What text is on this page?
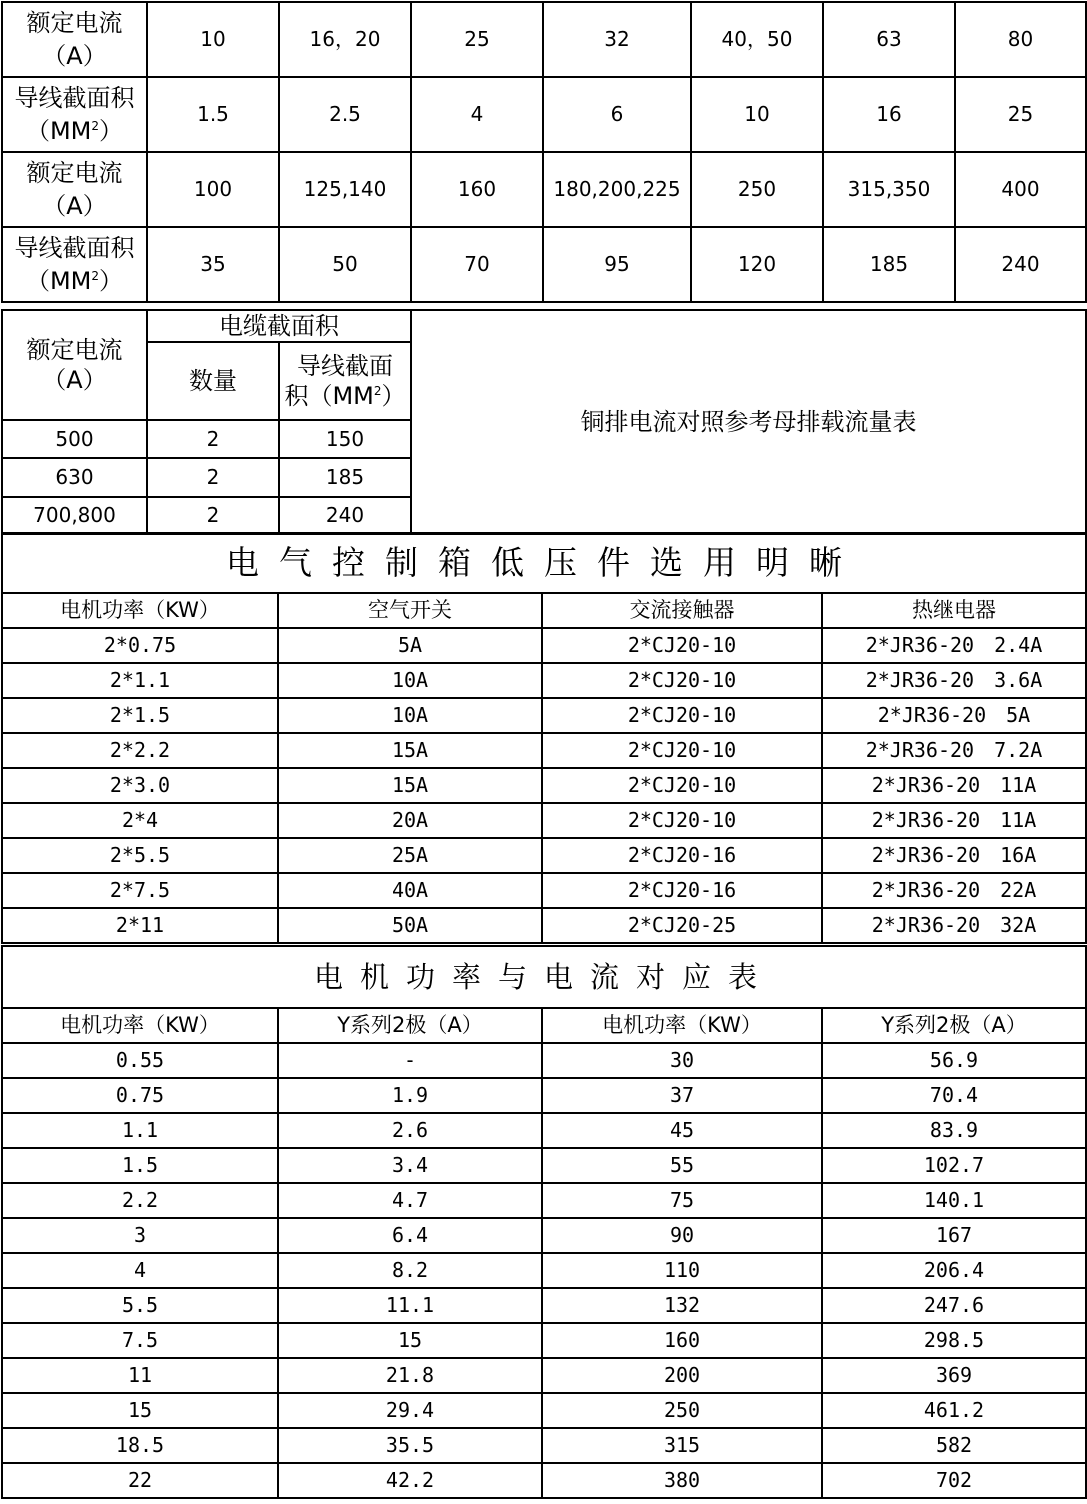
额定电流
（A）	10	16，20	25	32	40，50	63	80

导线截面积
$(MM^2)$	1.5	2.5	4	6	10	16	25

额定电流
（A）	100	125,140	160	180,200,225	250	315,350	400

导线截面积
$(MM^2)$	35	50	70	95	120	185	240
额定电流
（A）	电缆截面积		铜排电流对照参考母排载流量表
	数量	导线截面
积$(MM^2)$	

500	2	150	
630	2	185	
700,800	2	240	
电气控制箱低压件选用明晰			
电机功率（KW）	空气开关	交流接触器	热继电器
2*0.75	5A	2*CJ20-10	2*JR36-20　2.4A
2*1.1	10A	2*CJ20-10	2*JR36-20　3.6A
2*1.5	10A	2*CJ20-10	2*JR36-20　5A
2*2.2	15A	2*CJ20-10	2*JR36-20　7.2A
2*3.0	15A	2*CJ20-10	2*JR36-20　11A
2*4	20A	2*CJ20-10	2*JR36-20　11A
2*5.5	25A	2*CJ20-16	2*JR36-20　16A
2*7.5	40A	2*CJ20-16	2*JR36-20　22A
2*11	50A	2*CJ20-25	2*JR36-20　32A
电机功率与电流对应表			
电机功率（KW）	Y系列2极（A）	电机功率（KW）	Y系列2极（A）
0.55	-	30	56.9
0.75	1.9	37	70.4
1.1	2.6	45	83.9
1.5	3.4	55	102.7
2.2	4.7	75	140.1
3	6.4	90	167
4	8.2	110	206.4
5.5	11.1	132	247.6
7.5	15	160	298.5
11	21.8	200	369
15	29.4	250	461.2
18.5	35.5	315	582
22	42.2	380	702
